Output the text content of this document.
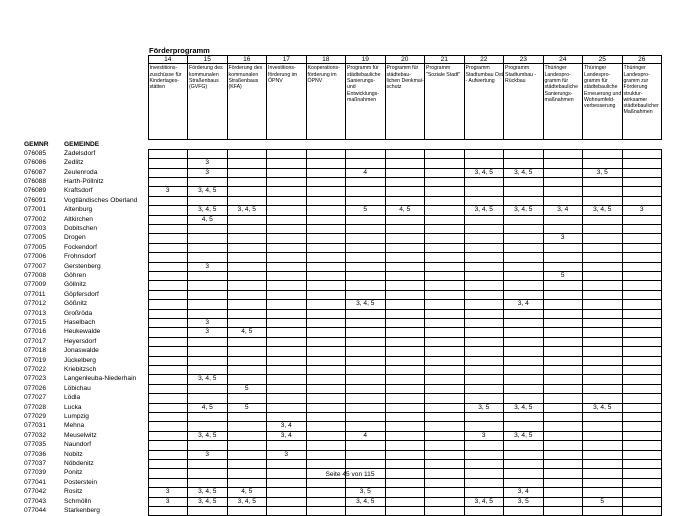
Förderprogramm
		14	15	16	17	18	19	20	21	22	23	24	25	26
		Investitions-zuschüsse für Kindertages-stätten	Förderung des kommunalen Straßenbaus (GVFG)	Förderung des kommunalen Straßenbaus (KFA)	Investitions-förderung im ÖPNV	Kooperations-förderung im ÖPNV	Programm für städtebauliche Sanierungs- und Entwicklungs-maßnahmen	Programm für städtebau-lichen Denkmal-schutz	Programm "Soziale Stadt"	Programm Stadtumbau Ost - Aufwertung	Programm Stadtumbau - Rückbau	Thüringer Landespro-gramm für städtebauliche Sanierungs-maßnahmen	Thüringer Landespro-gramm für städtebauliche Erneuerung und Wohnumfeld-verbesserung	Thüringer Landespro-gramm zur Förderung struktur-wirksamer städtebaulicher Maßnahmen
GEMNR	GEMEINDE													
076085	Zadelsdorf													
076086	Zedlitz		3											
076087	Zeulenroda		3				4			3, 4, 5	3, 4, 5		3, 5	
076088	Harth-Pöllnitz													
076089	Kraftsdorf	3	3, 4, 5											
076091	Vogtländisches Oberland													
077001	Altenburg		3, 4, 5	3, 4, 5			5	4, 5		3, 4, 5	3, 4, 5	3, 4	3, 4, 5	3
077002	Altkirchen		4, 5											
077003	Dobitschen													
077005	Drogen											3		
077005	Fockendorf													
077006	Frohnsdorf													
077007	Gerstenberg		3											
077008	Göhren											5		
077009	Göllnitz													
077011	Göpfersdorf													
077012	Gößnitz						3, 4, 5				3, 4			
077013	Großröda													
077015	Haselbach		3											
077016	Heukewalde		3	4, 5										
077017	Heyersdorf													
077018	Jonaswalde													
077019	Jückelberg													
077022	Kriebitzsch													
077023	Langenleuba-Niederhain		3, 4, 5											
077026	Löbichau			5										
077027	Lödla													
077028	Lucka		4, 5	5						3, 5	3, 4, 5		3, 4, 5	
077029	Lumpzig													
077031	Mehna				3, 4									
077032	Meuselwitz		3, 4, 5		3, 4		4			3	3, 4, 5			
077035	Naundorf													
077036	Nobitz		3		3									
077037	Nöbdenitz													
077039	Ponitz													
077041	Posterstein													
077042	Rositz	3	3, 4, 5	4, 5			3, 5				3, 4			
077043	Schmölln	3	3, 4, 5	3, 4, 5			3, 4, 5			3, 4, 5	3, 5		5	
077044	Starkenberg													
Seite 45 von 115
